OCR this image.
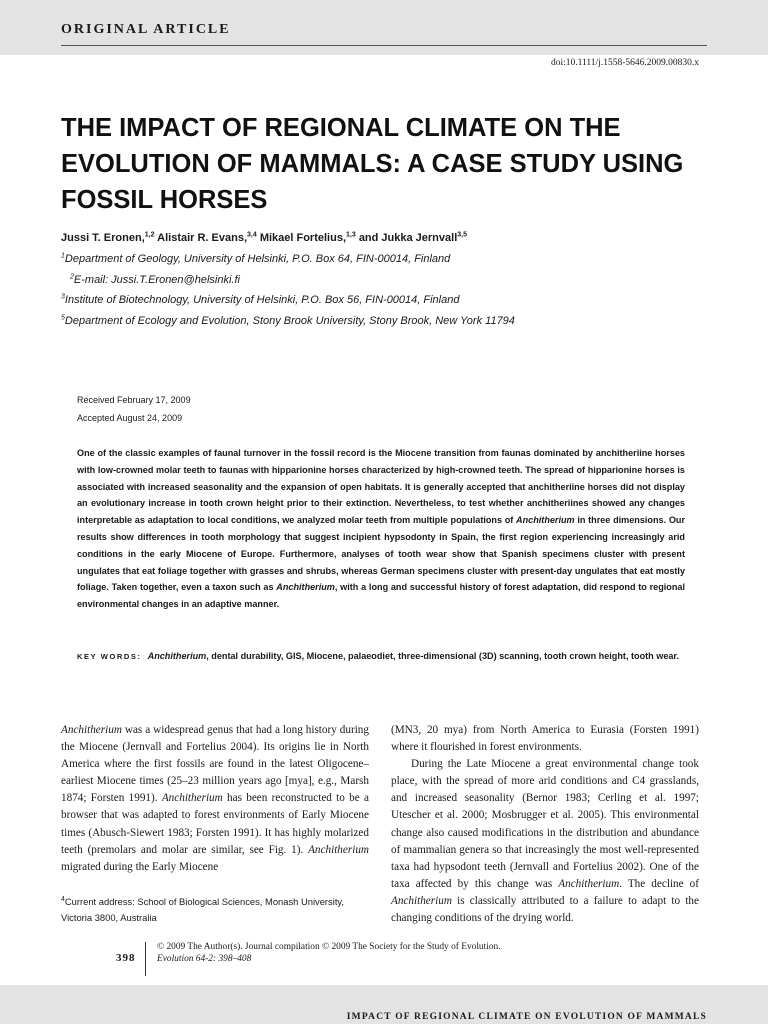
ORIGINAL ARTICLE
doi:10.1111/j.1558-5646.2009.00830.x
THE IMPACT OF REGIONAL CLIMATE ON THE EVOLUTION OF MAMMALS: A CASE STUDY USING FOSSIL HORSES
Jussi T. Eronen,$^{1,2}$ Alistair R. Evans,$^{3,4}$ Mikael Fortelius,$^{1,3}$ and Jukka Jernvall$^{3,5}$
$^1$Department of Geology, University of Helsinki, P.O. Box 64, FIN-00014, Finland
$^2$E-mail: Jussi.T.Eronen@helsinki.fi
$^3$Institute of Biotechnology, University of Helsinki, P.O. Box 56, FIN-00014, Finland
$^5$Department of Ecology and Evolution, Stony Brook University, Stony Brook, New York 11794
Received February 17, 2009
Accepted August 24, 2009

One of the classic examples of faunal turnover in the fossil record is the Miocene transition from faunas dominated by anchitheriine horses with low-crowned molar teeth to faunas with hipparionine horses characterized by high-crowned teeth. The spread of hipparionine horses is associated with increased seasonality and the expansion of open habitats. It is generally accepted that anchitheriine horses did not display an evolutionary increase in tooth crown height prior to their extinction. Nevertheless, to test whether anchitheriines showed any changes interpretable as adaptation to local conditions, we analyzed molar teeth from multiple populations of Anchitherium in three dimensions. Our results show differences in tooth morphology that suggest incipient hypsodonty in Spain, the first region experiencing increasingly arid conditions in the early Miocene of Europe. Furthermore, analyses of tooth wear show that Spanish specimens cluster with present ungulates that eat foliage together with grasses and shrubs, whereas German specimens cluster with present-day ungulates that eat mostly foliage. Taken together, even a taxon such as Anchitherium, with a long and successful history of forest adaptation, did respond to regional environmental changes in an adaptive manner.

KEY WORDS: Anchitherium, dental durability, GIS, Miocene, palaeodiet, three-dimensional (3D) scanning, tooth crown height, tooth wear.

Anchitherium was a widespread genus that had a long history during the Miocene (Jernvall and Fortelius 2004). Its origins lie in North America where the first fossils are found in the latest Oligocene–earliest Miocene times (25–23 million years ago [mya], e.g., Marsh 1874; Forsten 1991). Anchitherium has been reconstructed to be a browser that was adapted to forest environments of Early Miocene times (Abusch-Siewert 1983; Forsten 1991). It has highly molarized teeth (premolars and molar are similar, see Fig. 1). Anchitherium migrated during the Early Miocene

(MN3, 20 mya) from North America to Eurasia (Forsten 1991) where it flourished in forest environments.

During the Late Miocene a great environmental change took place, with the spread of more arid conditions and C4 grasslands, and increased seasonality (Bernor 1983; Cerling et al. 1997; Utescher et al. 2000; Mosbrugger et al. 2005). This environmental change also caused modifications in the distribution and abundance of mammalian genera so that increasingly the most well-represented taxa had hypsodont teeth (Jernvall and Fortelius 2002). One of the taxa affected by this change was Anchitherium. The decline of Anchitherium is classically attributed to a failure to adapt to the changing conditions of the drying world.

$^4$Current address: School of Biological Sciences, Monash University, Victoria 3800, Australia

398
© 2009 The Author(s). Journal compilation © 2009 The Society for the Study of Evolution.
Evolution 64-2: 398–408
IMPACT OF REGIONAL CLIMATE ON EVOLUTION OF MAMMALS
